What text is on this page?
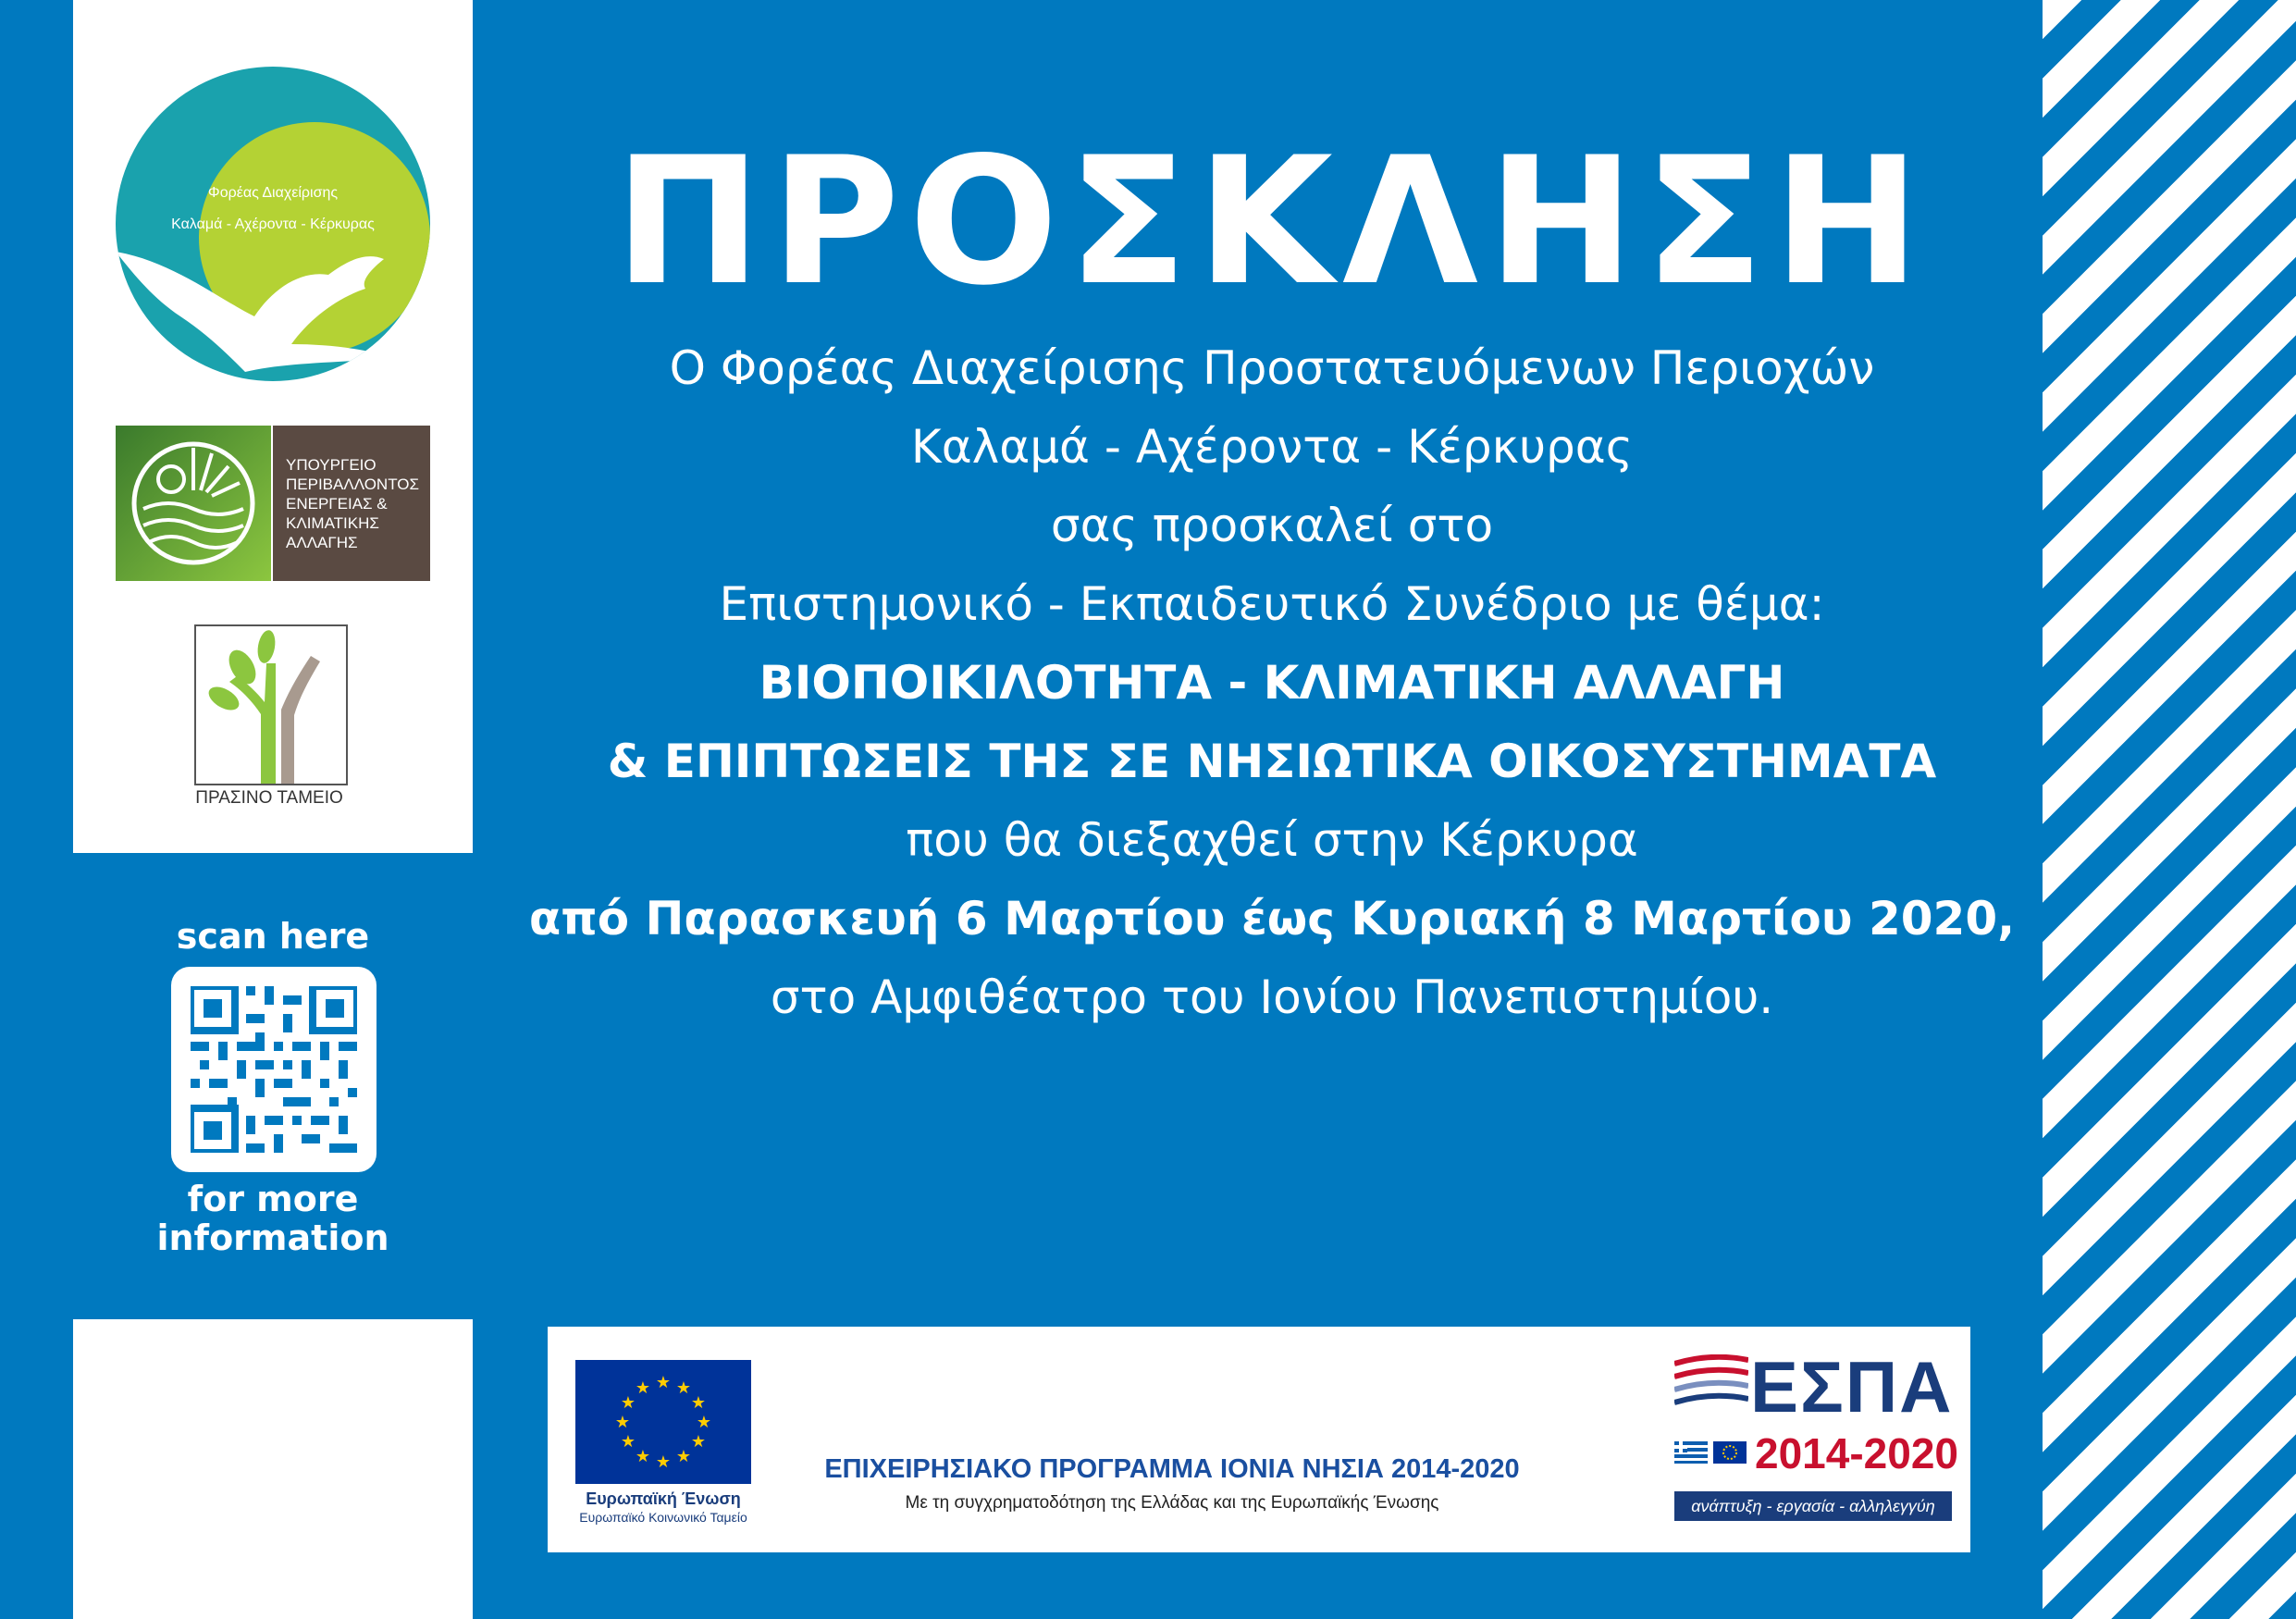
Φορέας Διαχείρισης
Καλαμά - Αχέροντα - Κέρκυρας
ΥΠΟΥΡΓΕΙΟ
ΠΕΡΙΒΑΛΛΟΝΤΟΣ
ΕΝΕΡΓΕΙΑΣ &
ΚΛΙΜΑΤΙΚΗΣ
ΑΛΛΑΓΗΣ
ΠΡΑΣΙΝΟ ΤΑΜΕΙΟ
scan here
for more
information
ΠΡΟΣΚΛΗΣΗ
Ο Φορέας Διαχείρισης Προστατευόμενων Περιοχών
Καλαμά - Αχέροντα - Κέρκυρας
σας προσκαλεί στο
Επιστημονικό - Εκπαιδευτικό Συνέδριο με θέμα:
ΒΙΟΠΟΙΚΙΛΟΤΗΤΑ - ΚΛΙΜΑΤΙΚΗ ΑΛΛΑΓΗ
& ΕΠΙΠΤΩΣΕΙΣ ΤΗΣ ΣΕ ΝΗΣΙΩΤΙΚΑ ΟΙΚΟΣΥΣΤΗΜΑΤΑ
που θα διεξαχθεί στην Κέρκυρα
από Παρασκευή 6 Μαρτίου έως Κυριακή 8 Μαρτίου 2020,
στο Αμφιθέατρο του Ιονίου Πανεπιστημίου.
★ ★
★
★
★
★
★
★
★
★
★
★
Ευρωπαϊκή Ένωση
Ευρωπαϊκό Κοινωνικό Ταμείο
ΕΠΙΧΕΙΡΗΣΙΑΚΟ ΠΡΟΓΡΑΜΜΑ ΙΟΝΙΑ ΝΗΣΙΑ 2014-2020
Με τη συγχρηματοδότηση της Ελλάδας και της Ευρωπαϊκής Ένωσης
ΕΣΠΑ
2014-2020
ανάπτυξη - εργασία - αλληλεγγύη
